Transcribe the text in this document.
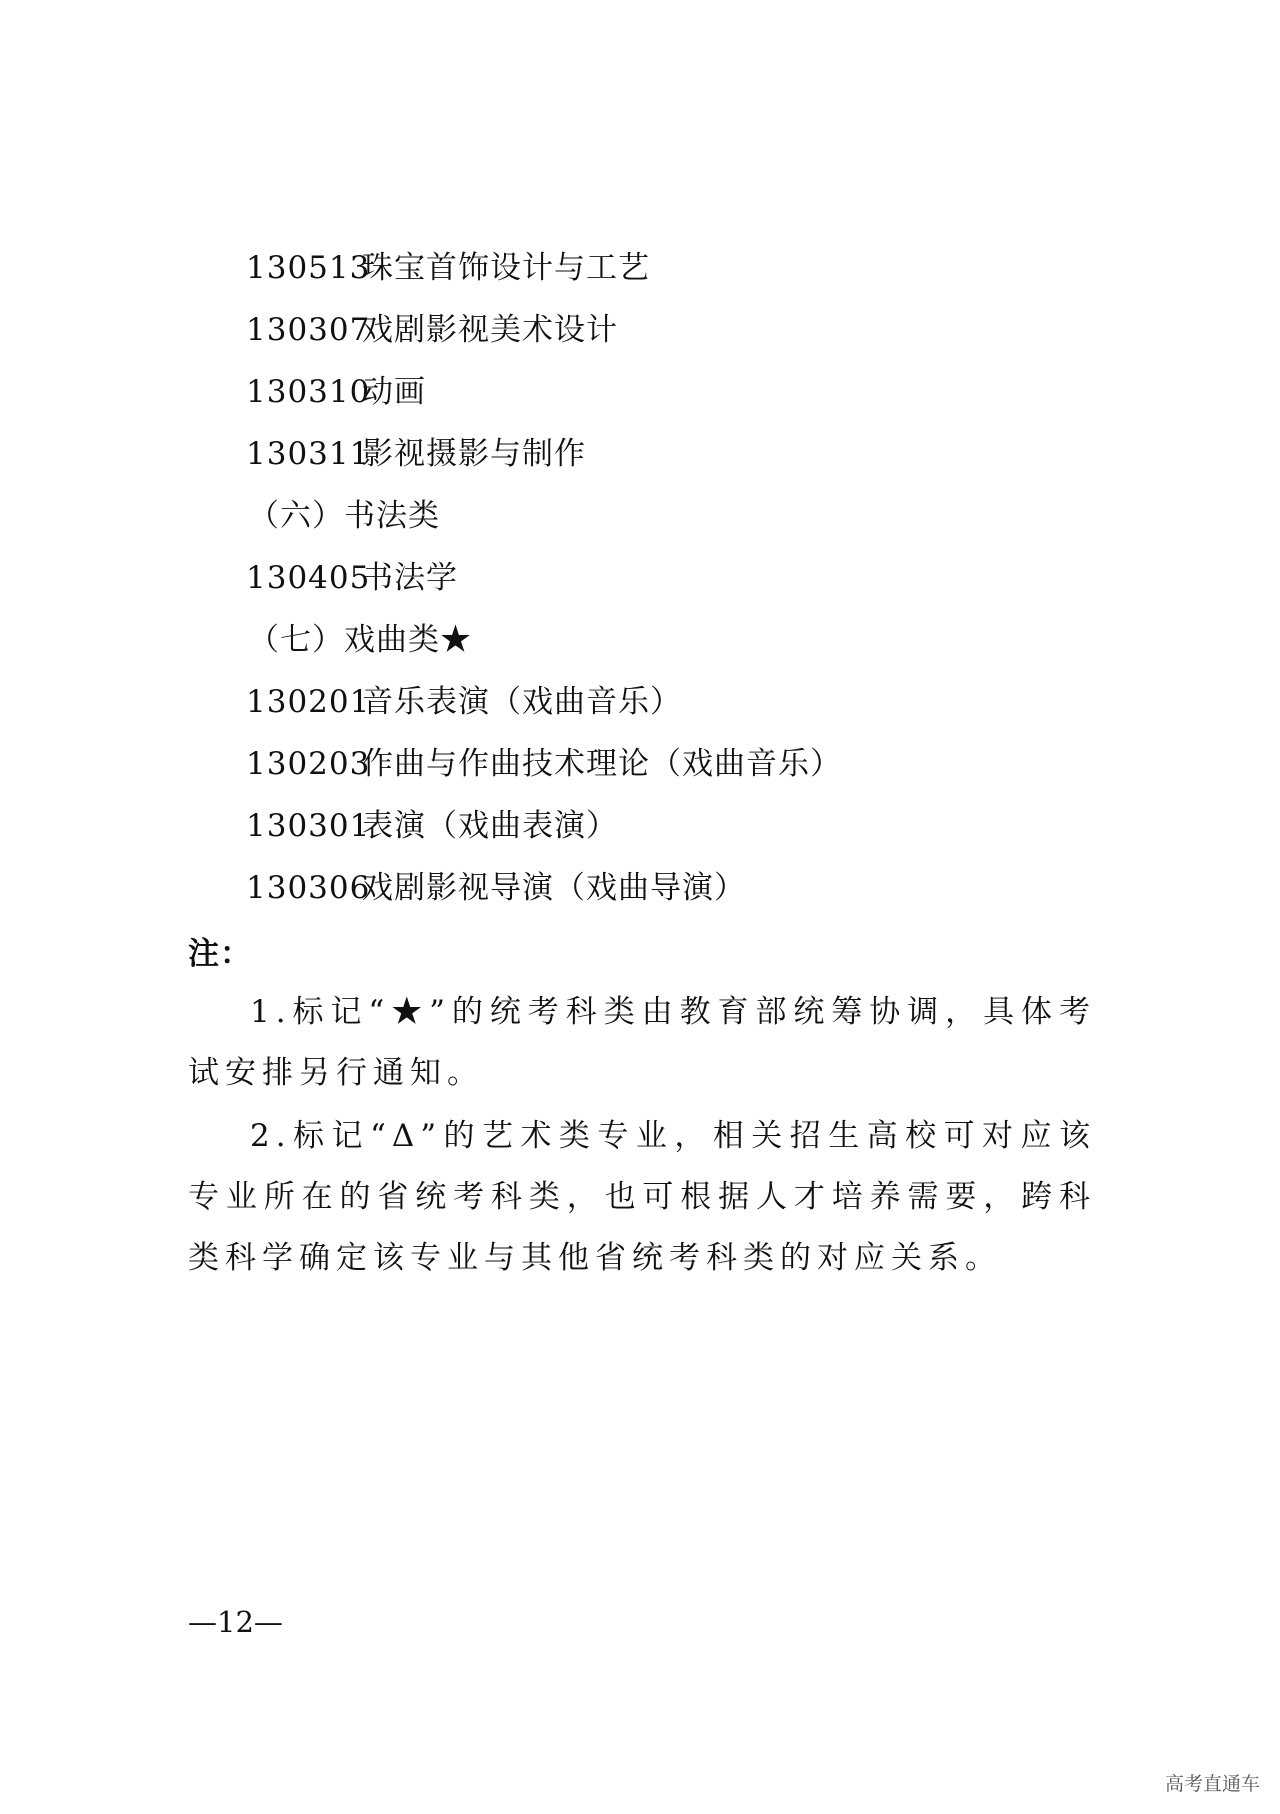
130513珠宝首饰设计与工艺
130307戏剧影视美术设计
130310动画
130311影视摄影与制作
（六）书法类
130405书法学
（七）戏曲类★
130201音乐表演（戏曲音乐）
130203作曲与作曲技术理论（戏曲音乐）
130301表演（戏曲表演）
130306戏剧影视导演（戏曲导演）
注：
1.标记“★”的统考科类由教育部统筹协调，具体考试安排另行通知。
2.标记“Δ”的艺术类专业，相关招生高校可对应该专业所在的省统考科类，也可根据人才培养需要，跨科类科学确定该专业与其他省统考科类的对应关系。
—12—
高考直通车
